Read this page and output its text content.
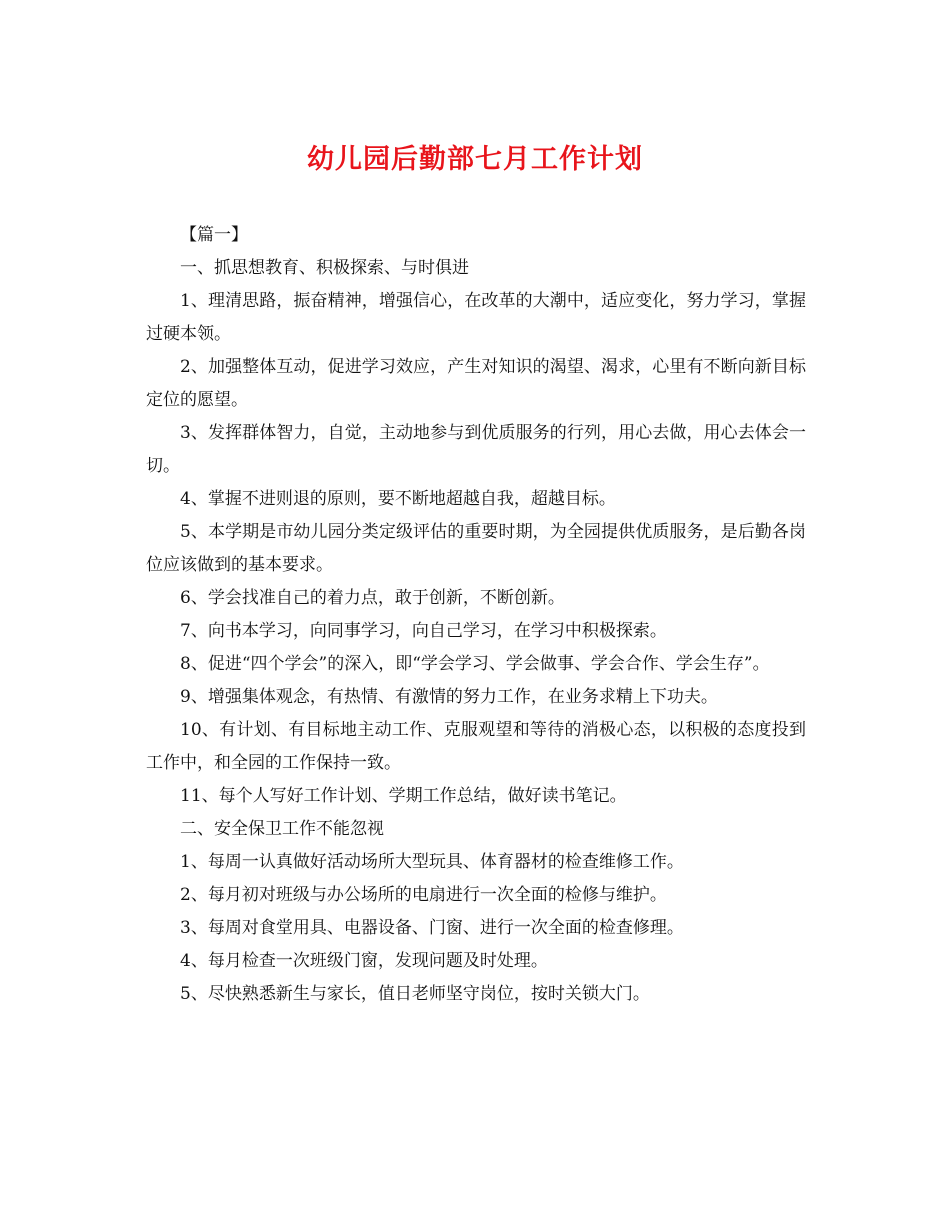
幼儿园后勤部七月工作计划

【篇一】

一、抓思想教育、积极探索、与时俱进

1、理清思路，振奋精神，增强信心，在改革的大潮中，适应变化，努力学习，掌握过硬本领。

2、加强整体互动，促进学习效应，产生对知识的渴望、渴求，心里有不断向新目标定位的愿望。

3、发挥群体智力，自觉，主动地参与到优质服务的行列，用心去做，用心去体会一切。

4、掌握不进则退的原则，要不断地超越自我，超越目标。

5、本学期是市幼儿园分类定级评估的重要时期，为全园提供优质服务，是后勤各岗位应该做到的基本要求。

6、学会找准自己的着力点，敢于创新，不断创新。

7、向书本学习，向同事学习，向自己学习，在学习中积极探索。

8、促进“四个学会”的深入，即“学会学习、学会做事、学会合作、学会生存”。

9、增强集体观念，有热情、有激情的努力工作，在业务求精上下功夫。

10、有计划、有目标地主动工作、克服观望和等待的消极心态，以积极的态度投到工作中，和全园的工作保持一致。

11、每个人写好工作计划、学期工作总结，做好读书笔记。

二、安全保卫工作不能忽视

1、每周一认真做好活动场所大型玩具、体育器材的检查维修工作。

2、每月初对班级与办公场所的电扇进行一次全面的检修与维护。

3、每周对食堂用具、电器设备、门窗、进行一次全面的检查修理。

4、每月检查一次班级门窗，发现问题及时处理。

5、尽快熟悉新生与家长，值日老师坚守岗位，按时关锁大门。
